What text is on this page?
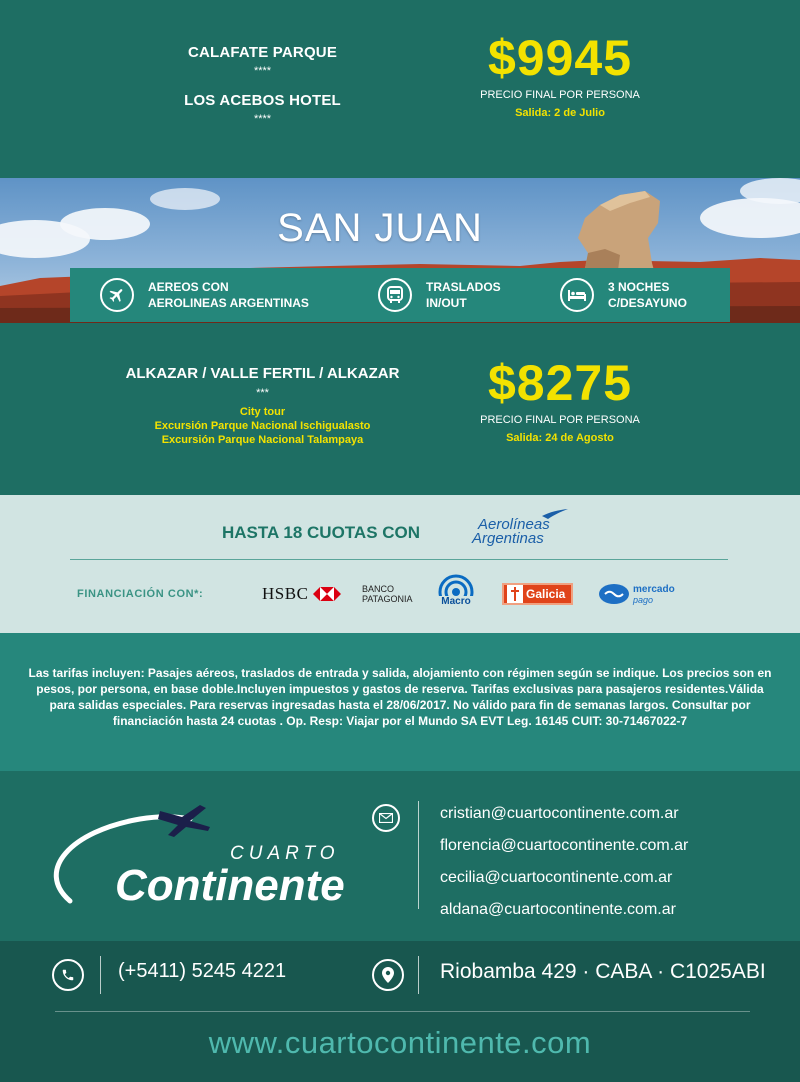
CALAFATE PARQUE
****
LOS ACEBOS HOTEL
****
$9945
PRECIO FINAL POR PERSONA
Salida: 2 de Julio
SAN JUAN
AEREOS CON
AEROLINEAS ARGENTINAS
TRASLADOS
IN/OUT
3 NOCHES
C/DESAYUNO
ALKAZAR / VALLE FERTIL / ALKAZAR
***
City tour
Excursión Parque Nacional Ischigualasto
Excursión Parque Nacional Talampaya
$8275
PRECIO FINAL POR PERSONA
Salida: 24 de Agosto
HASTA 18 CUOTAS CON	Aerolíneas
Argentinas
FINANCIACIÓN CON*:	HSBC	BANCO
PATAGONIA	Macro	Galicia	mercado
pago
Las tarifas incluyen: Pasajes aéreos, traslados de entrada y salida, alojamiento con régimen según se indique. Los precios son en pesos, por persona, en base doble.Incluyen impuestos y gastos de reserva. Tarifas exclusivas para pasajeros residentes.Válida para salidas especiales. Para reservas ingresadas hasta el 28/06/2017. No válido para fin de semanas largos. Consultar por financiación hasta 24 cuotas . Op. Resp: Viajar por el Mundo SA EVT Leg. 16145 CUIT: 30-71467022-7
CUARTO
Continente
cristian@cuartocontinente.com.ar
florencia@cuartocontinente.com.ar
cecilia@cuartocontinente.com.ar
aldana@cuartocontinente.com.ar
(+5411) 5245 4221	Riobamba 429 · CABA · C1025ABI
www.cuartocontinente.com
